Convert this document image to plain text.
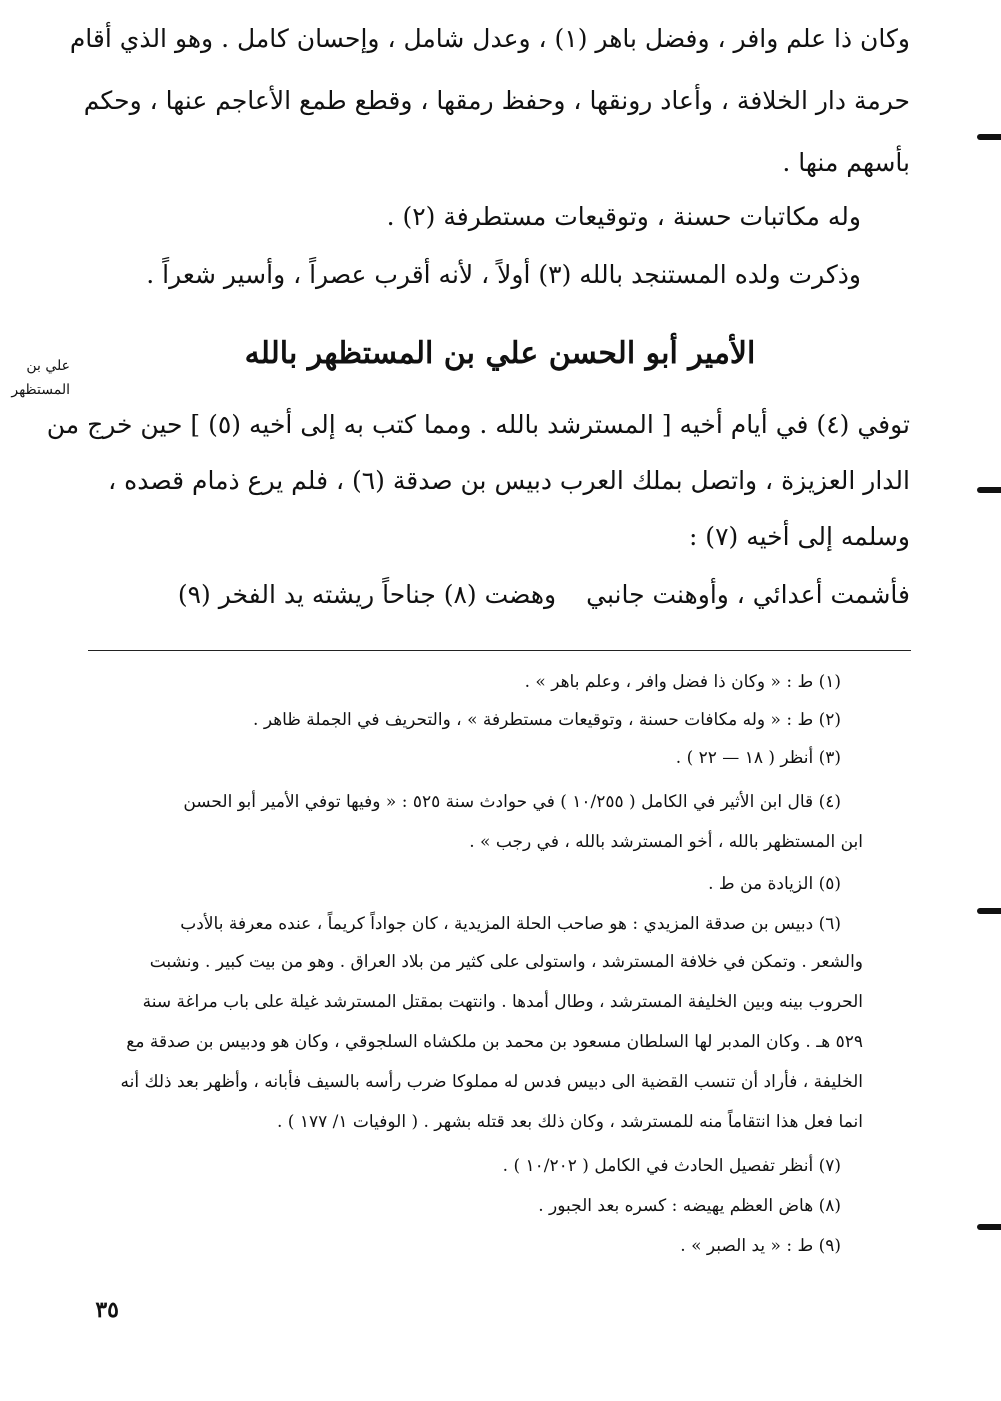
وكان ذا علم وافر ، وفضل باهر (١) ، وعدل شامل ، وإحسان كامل . وهو الذي أقام
حرمة دار الخلافة ، وأعاد رونقها ، وحفظ رمقها ، وقطع طمع الأعاجم عنها ، وحكم
بأسهم منها .
وله مكاتبات حسنة ، وتوقيعات مستطرفة (٢) .
وذكرت ولده المستنجد بالله (٣) أولاً ، لأنه أقرب عصراً ، وأسير شعراً .
الأمير أبو الحسن علي بن المستظهر بالله
علي بن
المستظهر
توفي (٤) في أيام أخيه [ المسترشد بالله . ومما كتب به إلى أخيه (٥) ] حين خرج من
الدار العزيزة ، واتصل بملك العرب دبيس بن صدقة (٦) ، فلم يرع ذمام قصده ،
وسلمه إلى أخيه (٧) :
فأشمت أعدائي ، وأوهنت جانبيوهضت (٨) جناحاً ريشته يد الفخر (٩)
(١) ط : « وكان ذا فضل وافر ، وعلم باهر » .
(٢) ط : « وله مكافات حسنة ، وتوقيعات مستطرفة » ، والتحريف في الجملة ظاهر .
(٣) أنظر ( ١٨ — ٢٢ ) .
(٤) قال ابن الأثير في الكامل ( ١٠/٢٥٥ ) في حوادث سنة ٥٢٥ : « وفيها توفي الأمير أبو الحسن
ابن المستظهر بالله ، أخو المسترشد بالله ، في رجب » .
(٥) الزيادة من ط .
(٦) دبيس بن صدقة المزيدي : هو صاحب الحلة المزيدية ، كان جواداً كريماً ، عنده معرفة بالأدب
والشعر . وتمكن في خلافة المسترشد ، واستولى على كثير من بلاد العراق . وهو من بيت كبير . ونشبت
الحروب بينه وبين الخليفة المسترشد ، وطال أمدها . وانتهت بمقتل المسترشد غيلة على باب مراغة سنة
٥٢٩ هـ . وكان المدبر لها السلطان مسعود بن محمد بن ملكشاه السلجوقي ، وكان هو ودبيس بن صدقة مع
الخليفة ، فأراد أن تنسب القضية الى دبيس فدس له مملوكا ضرب رأسه بالسيف فأبانه ، وأظهر بعد ذلك أنه
انما فعل هذا انتقاماً منه للمسترشد ، وكان ذلك بعد قتله بشهر . ( الوفيات ١/ ١٧٧ ) .
(٧) أنظر تفصيل الحادث في الكامل ( ١٠/٢٠٢ ) .
(٨) هاض العظم يهيضه : كسره بعد الجبور .
(٩) ط : « يد الصبر » .
٣٥
